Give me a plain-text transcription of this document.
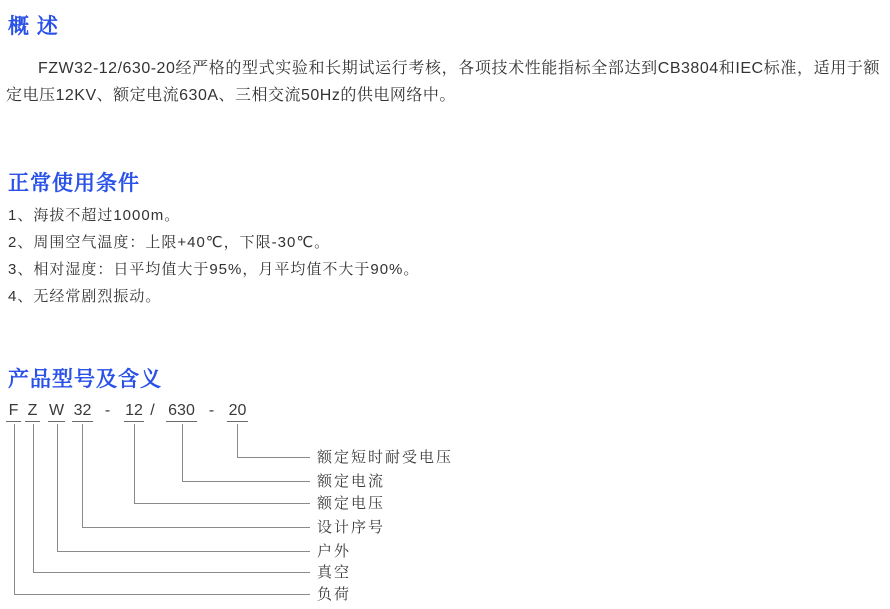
概 述

FZW32-12/630-20经严格的型式实验和长期试运行考核，各项技术性能指标全部达到CB3804和IEC标准，适用于额定电压12KV、额定电流630A、三相交流50Hz的供电网络中。

正常使用条件
1、海拔不超过1000m。
2、周围空气温度：上限+40℃，下限-30℃。
3、相对湿度：日平均值大于95%，月平均值不大于90%。
4、无经常剧烈振动。
产品型号及含义
F
负荷
Z
真空
W
户外
32
设计序号
- 12
额定电压
/ 630
额定电流
- 20
额定短时耐受电压
